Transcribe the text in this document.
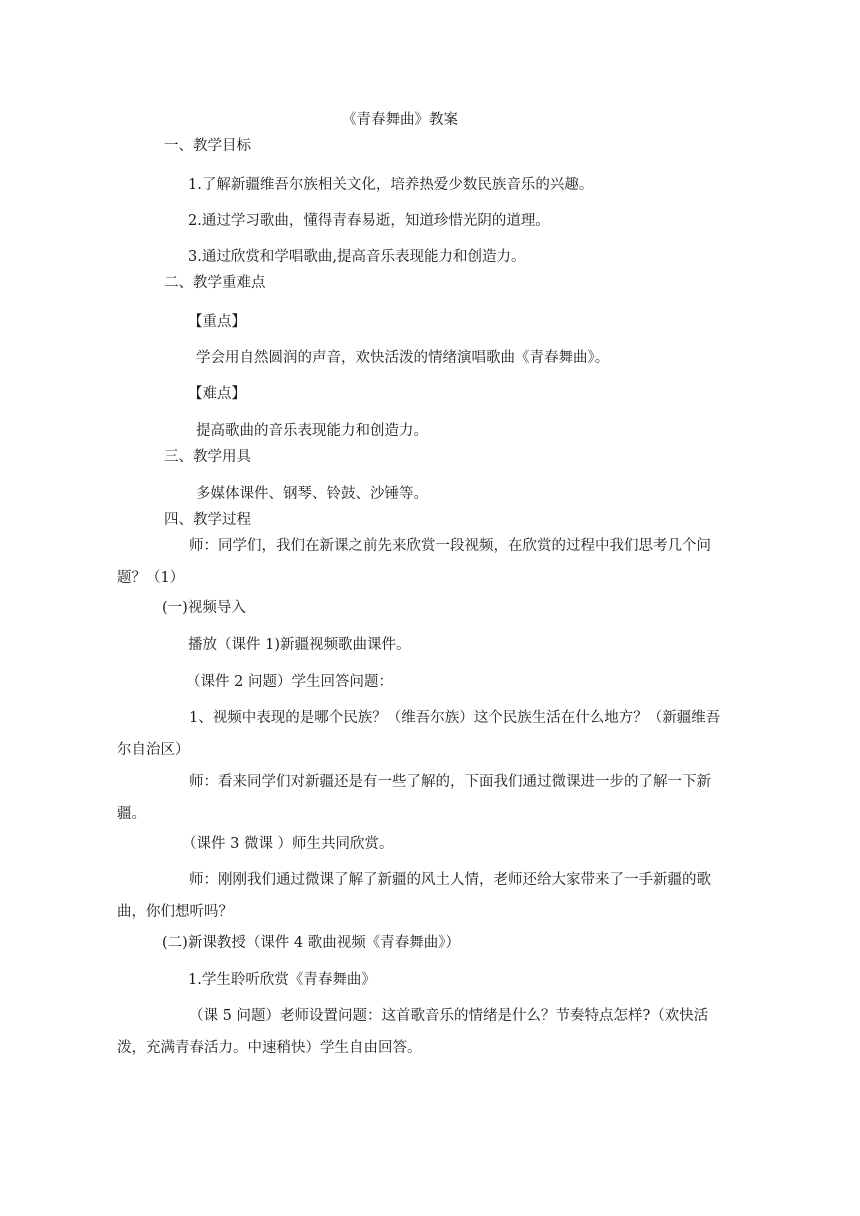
《青春舞曲》教案
一、教学目标
1.了解新疆维吾尔族相关文化，培养热爱少数民族音乐的兴趣。
2.通过学习歌曲，懂得青春易逝，知道珍惜光阴的道理。
3.通过欣赏和学唱歌曲,提高音乐表现能力和创造力。
二、教学重难点
【重点】
学会用自然圆润的声音，欢快活泼的情绪演唱歌曲《青春舞曲》。
【难点】
提高歌曲的音乐表现能力和创造力。
三、教学用具
多媒体课件、钢琴、铃鼓、沙锤等。
四、教学过程
师：同学们，我们在新课之前先来欣赏一段视频，在欣赏的过程中我们思考几个问题？（1）
(一)视频导入
播放（课件 1)新疆视频歌曲课件。
（课件 2 问题）学生回答问题：
1、视频中表现的是哪个民族？（维吾尔族）这个民族生活在什么地方？（新疆维吾尔自治区）
师：看来同学们对新疆还是有一些了解的，下面我们通过微课进一步的了解一下新疆。
（课件 3 微课 ）师生共同欣赏。
师：刚刚我们通过微课了解了新疆的风土人情，老师还给大家带来了一手新疆的歌曲，你们想听吗？
(二)新课教授（课件 4 歌曲视频《青春舞曲》）
1.学生聆听欣赏《青春舞曲》
（课 5 问题）老师设置问题：这首歌音乐的情绪是什么？节奏特点怎样?（欢快活泼，充满青春活力。中速稍快）学生自由回答。
